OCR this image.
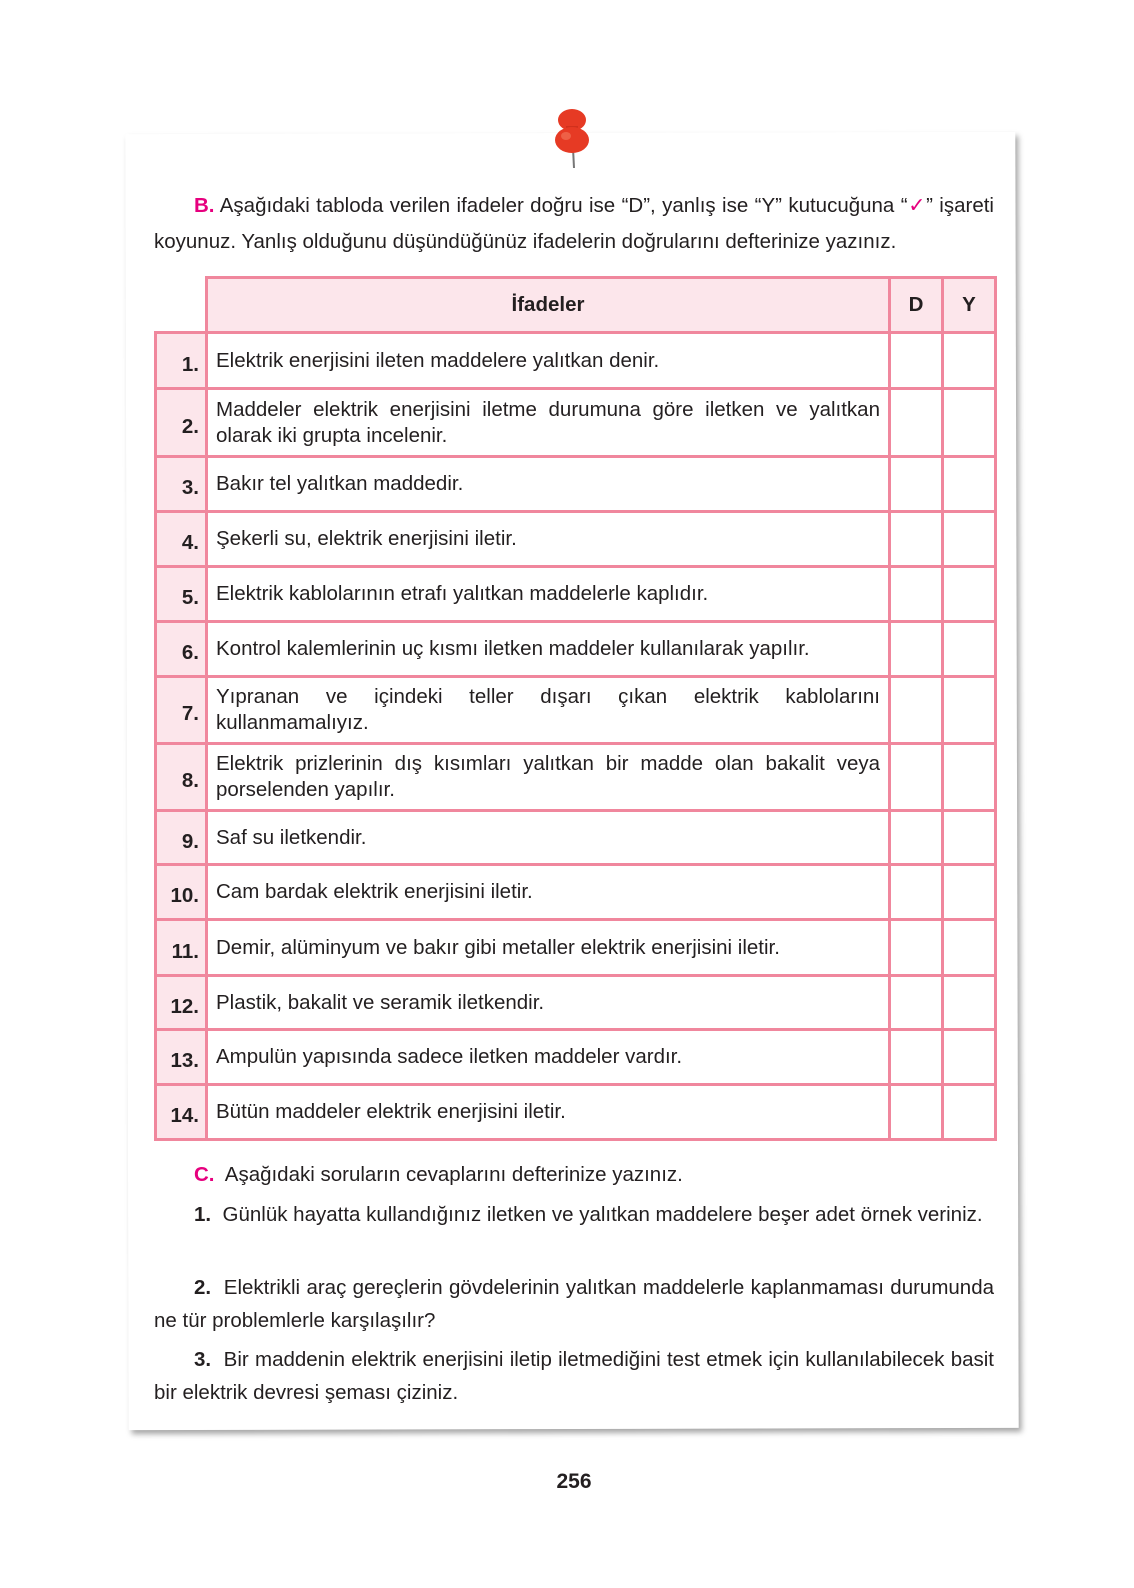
B. Aşağıdaki tabloda verilen ifadeler doğru ise “D”, yanlış ise “Y” kutucuğuna “✓” işareti koyunuz. Yanlış olduğunu düşündüğünüz ifadelerin doğrularını defterinize yazınız.
	İfadeler	D	Y
1.	Elektrik enerjisini ileten maddelere yalıtkan denir.		
2.	Maddeler elektrik enerjisini iletme durumuna göre iletken ve yalıtkan olarak iki grupta incelenir.		
3.	Bakır tel yalıtkan maddedir.		
4.	Şekerli su, elektrik enerjisini iletir.		
5.	Elektrik kablolarının etrafı yalıtkan maddelerle kaplıdır.		
6.	Kontrol kalemlerinin uç kısmı iletken maddeler kullanılarak yapılır.		
7.	Yıpranan ve içindeki teller dışarı çıkan elektrik kablolarını kullanmamalıyız.		
8.	Elektrik prizlerinin dış kısımları yalıtkan bir madde olan bakalit veya porselenden yapılır.		
9.	Saf su iletkendir.		
10.	Cam bardak elektrik enerjisini iletir.		
11.	Demir, alüminyum ve bakır gibi metaller elektrik enerjisini iletir.		
12.	Plastik, bakalit ve seramik iletkendir.		
13.	Ampulün yapısında sadece iletken maddeler vardır.		
14.	Bütün maddeler elektrik enerjisini iletir.		
C. Aşağıdaki soruların cevaplarını defterinize yazınız.
1. Günlük hayatta kullandığınız iletken ve yalıtkan maddelere beşer adet örnek veriniz.
2. Elektrikli araç gereçlerin gövdelerinin yalıtkan maddelerle kaplanmaması durumunda ne tür problemlerle karşılaşılır?
3. Bir maddenin elektrik enerjisini iletip iletmediğini test etmek için kullanılabilecek basit bir elektrik devresi şeması çiziniz.
256
